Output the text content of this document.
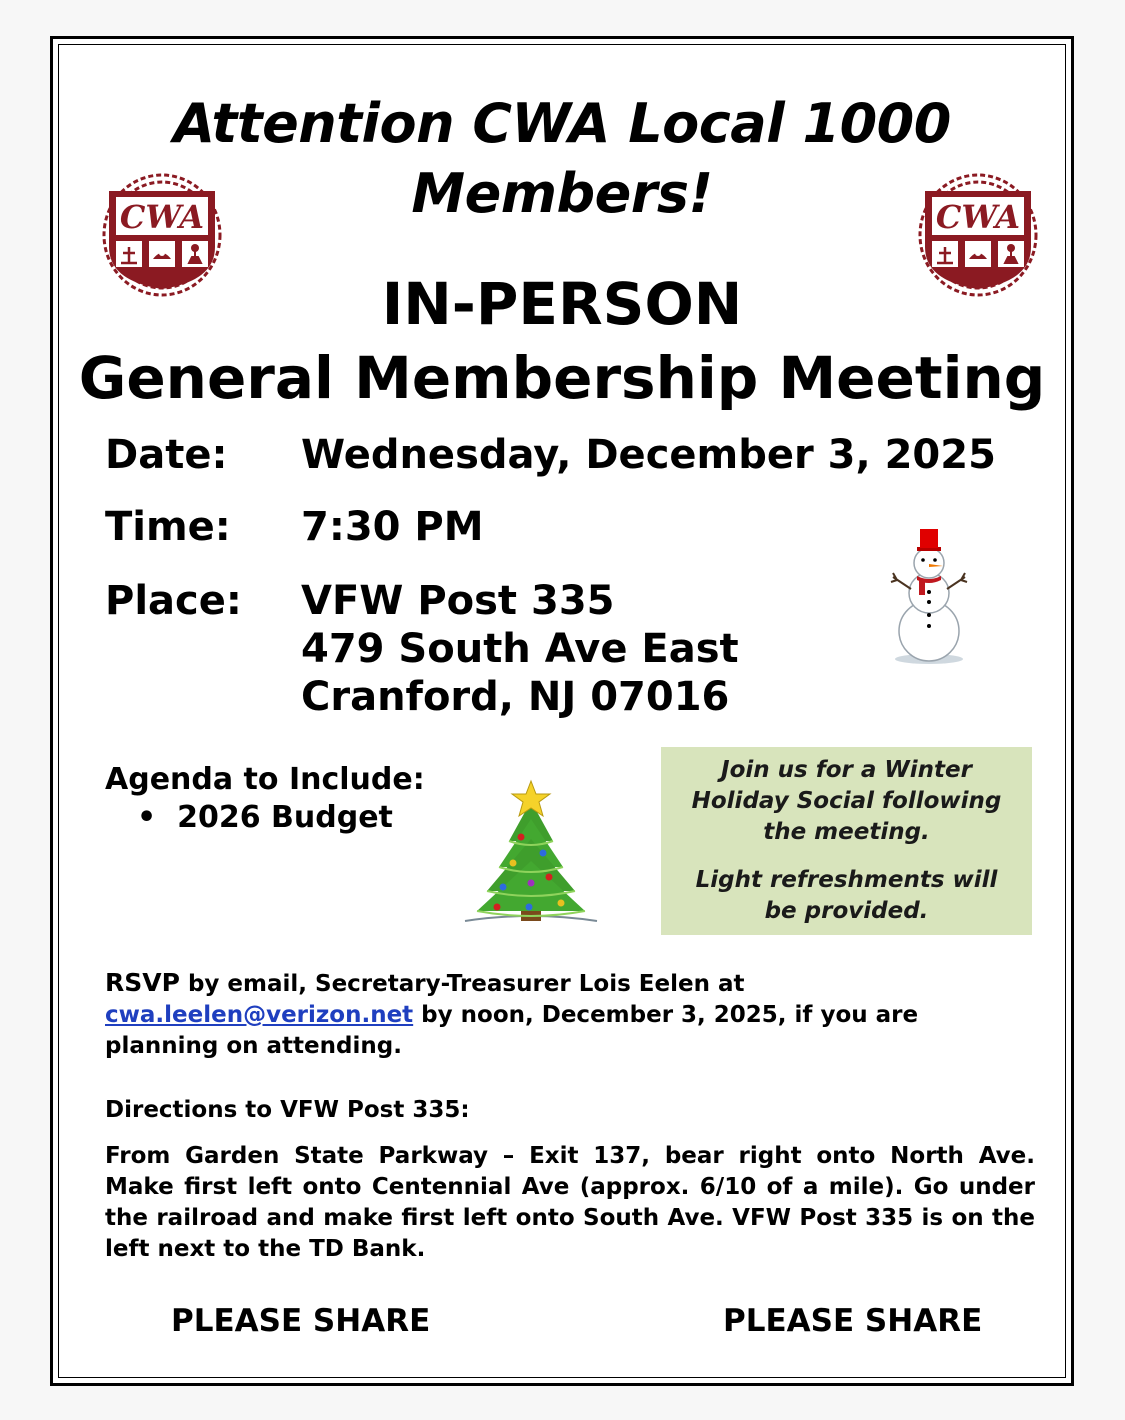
Attention CWA Local 1000
Members!
CWA	CWA
IN-PERSON
General Membership Meeting
Date: Wednesday, December 3, 2025
Time: 7:30 PM
Place: VFW Post 335
479 South Ave East
Cranford, NJ 07016
Agenda to Include:
•  2026 Budget

Join us for a Winter Holiday Social following the meeting.

Light refreshments will be provided.

RSVP by email, Secretary-Treasurer Lois Eelen at cwa.leelen@verizon.net by noon, December 3, 2025, if you are planning on attending.
Directions to VFW Post 335:
From Garden State Parkway – Exit 137, bear right onto North Ave. Make first left onto Centennial Ave (approx. 6/10 of a mile). Go under the railroad and make first left onto South Ave. VFW Post 335 is on the left next to the TD Bank.
PLEASE SHARE	PLEASE SHARE
